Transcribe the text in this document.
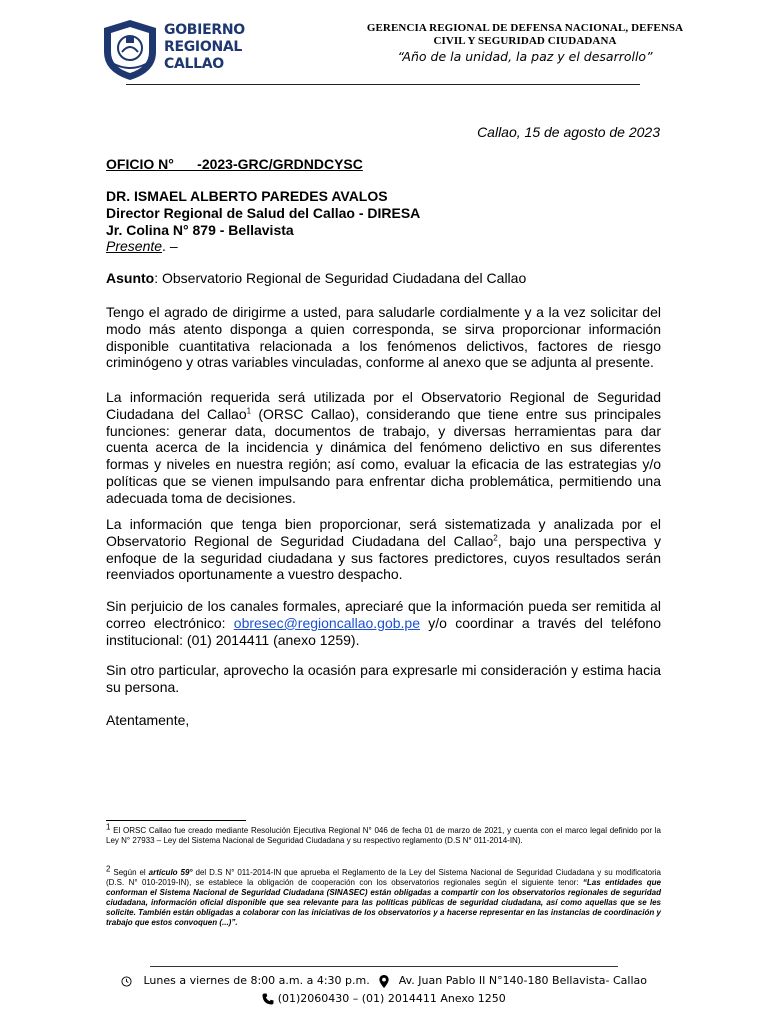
GOBIERNO
REGIONAL
CALLAO
GERENCIA REGIONAL DE DEFENSA NACIONAL, DEFENSA
CIVIL Y SEGURIDAD CIUDADANA
“Año de la unidad, la paz y el desarrollo”
Callao, 15 de agosto de 2023
OFICIO N°      -2023-GRC/GRDNDCYSC
DR. ISMAEL ALBERTO PAREDES AVALOS
Director Regional de Salud del Callao - DIRESA
Jr. Colina N° 879 - Bellavista
Presente. –
Asunto: Observatorio Regional de Seguridad Ciudadana del Callao
Tengo el agrado de dirigirme a usted, para saludarle cordialmente y a la vez solicitar del modo más atento disponga a quien corresponda, se sirva proporcionar información disponible cuantitativa relacionada a los fenómenos delictivos, factores de riesgo criminógeno y otras variables vinculadas, conforme al anexo que se adjunta al presente.
La información requerida será utilizada por el Observatorio Regional de Seguridad Ciudadana del Callao$^1$ (ORSC Callao), considerando que tiene entre sus principales funciones: generar data, documentos de trabajo, y diversas herramientas para dar cuenta acerca de la incidencia y dinámica del fenómeno delictivo en sus diferentes formas y niveles en nuestra región; así como, evaluar la eficacia de las estrategias y/o políticas que se vienen impulsando para enfrentar dicha problemática, permitiendo una adecuada toma de decisiones.
La información que tenga bien proporcionar, será sistematizada y analizada por el Observatorio Regional de Seguridad Ciudadana del Callao$^2$, bajo una perspectiva y enfoque de la seguridad ciudadana y sus factores predictores, cuyos resultados serán reenviados oportunamente a vuestro despacho.
Sin perjuicio de los canales formales, apreciaré que la información pueda ser remitida al correo electrónico: obresec@regioncallao.gob.pe y/o coordinar a través del teléfono institucional: (01) 2014411 (anexo 1259).
Sin otro particular, aprovecho la ocasión para expresarle mi consideración y estima hacia su persona.
Atentamente,
$^1$ El ORSC Callao fue creado mediante Resolución Ejecutiva Regional N° 046 de fecha 01 de marzo de 2021, y cuenta con el marco legal definido por la Ley N° 27933 – Ley del Sistema Nacional de Seguridad Ciudadana y su respectivo reglamento (D.S N° 011-2014-IN).
$^2$ Según el artículo 59° del D.S N° 011-2014-IN que aprueba el Reglamento de la Ley del Sistema Nacional de Seguridad Ciudadana y su modificatoria (D.S. N° 010-2019-IN), se establece la obligación de cooperación con los observatorios regionales según el siguiente tenor: “Las entidades que conforman el Sistema Nacional de Seguridad Ciudadana (SINASEC) están obligadas a compartir con los observatorios regionales de seguridad ciudadana, información oficial disponible que sea relevante para las políticas públicas de seguridad ciudadana, así como aquellas que se les solicite. También están obligadas a colaborar con las iniciativas de los observatorios y a hacerse representar en las instancias de coordinación y trabajo que estos convoquen (...)”.
Lunes a viernes de 8:00 a.m. a 4:30 p.m.	Av. Juan Pablo II N°140-180 Bellavista- Callao
(01)2060430 – (01) 2014411 Anexo 1250
